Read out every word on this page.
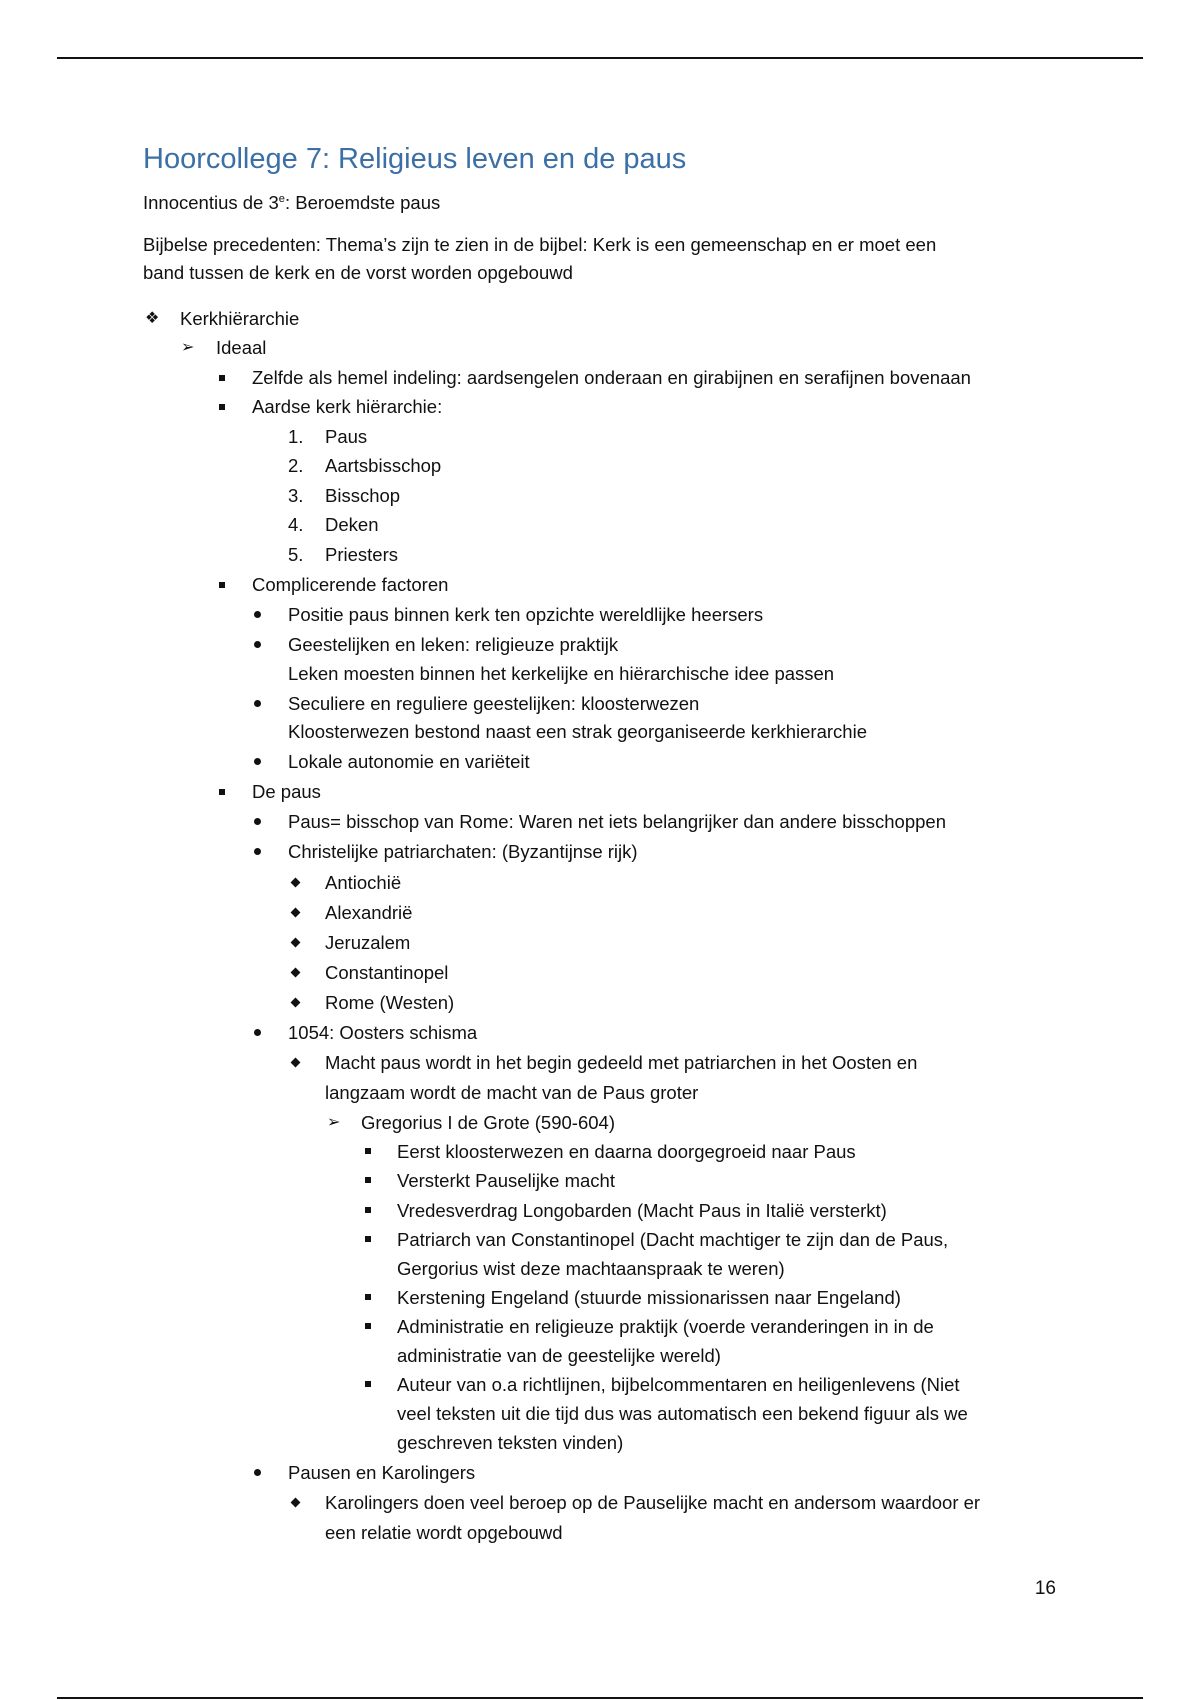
Hoorcollege 7: Religieus leven en de paus
Innocentius de 3e: Beroemdste paus
Bijbelse precedenten: Thema’s zijn te zien in de bijbel: Kerk is een gemeenschap en er moet een
band tussen de kerk en de vorst worden opgebouwd
❖ Kerkhiërarchie
➢ Ideaal
Zelfde als hemel indeling: aardsengelen onderaan en girabijnen en serafijnen bovenaan
Aardse kerk hiërarchie:
1. Paus
2. Aartsbisschop
3. Bisschop
4. Deken
5. Priesters
Complicerende factoren
Positie paus binnen kerk ten opzichte wereldlijke heersers
Geestelijken en leken: religieuze praktijk
Leken moesten binnen het kerkelijke en hiërarchische idee passen
Seculiere en reguliere geestelijken: kloosterwezen
Kloosterwezen bestond naast een strak georganiseerde kerkhierarchie
Lokale autonomie en variëteit
De paus
Paus= bisschop van Rome: Waren net iets belangrijker dan andere bisschoppen
Christelijke patriarchaten: (Byzantijnse rijk)
Antiochië
Alexandrië
Jeruzalem
Constantinopel
Rome (Westen)
1054: Oosters schisma
Macht paus wordt in het begin gedeeld met patriarchen in het Oosten en
langzaam wordt de macht van de Paus groter
➢ Gregorius I de Grote (590-604)
Eerst kloosterwezen en daarna doorgegroeid naar Paus
Versterkt Pauselijke macht
Vredesverdrag Longobarden (Macht Paus in Italië versterkt)
Patriarch van Constantinopel (Dacht machtiger te zijn dan de Paus,
Gergorius wist deze machtaanspraak te weren)
Kerstening Engeland (stuurde missionarissen naar Engeland)
Administratie en religieuze praktijk (voerde veranderingen in in de
administratie van de geestelijke wereld)
Auteur van o.a richtlijnen, bijbelcommentaren en heiligenlevens (Niet
veel teksten uit die tijd dus was automatisch een bekend figuur als we
geschreven teksten vinden)
Pausen en Karolingers
Karolingers doen veel beroep op de Pauselijke macht en andersom waardoor er
een relatie wordt opgebouwd
16
